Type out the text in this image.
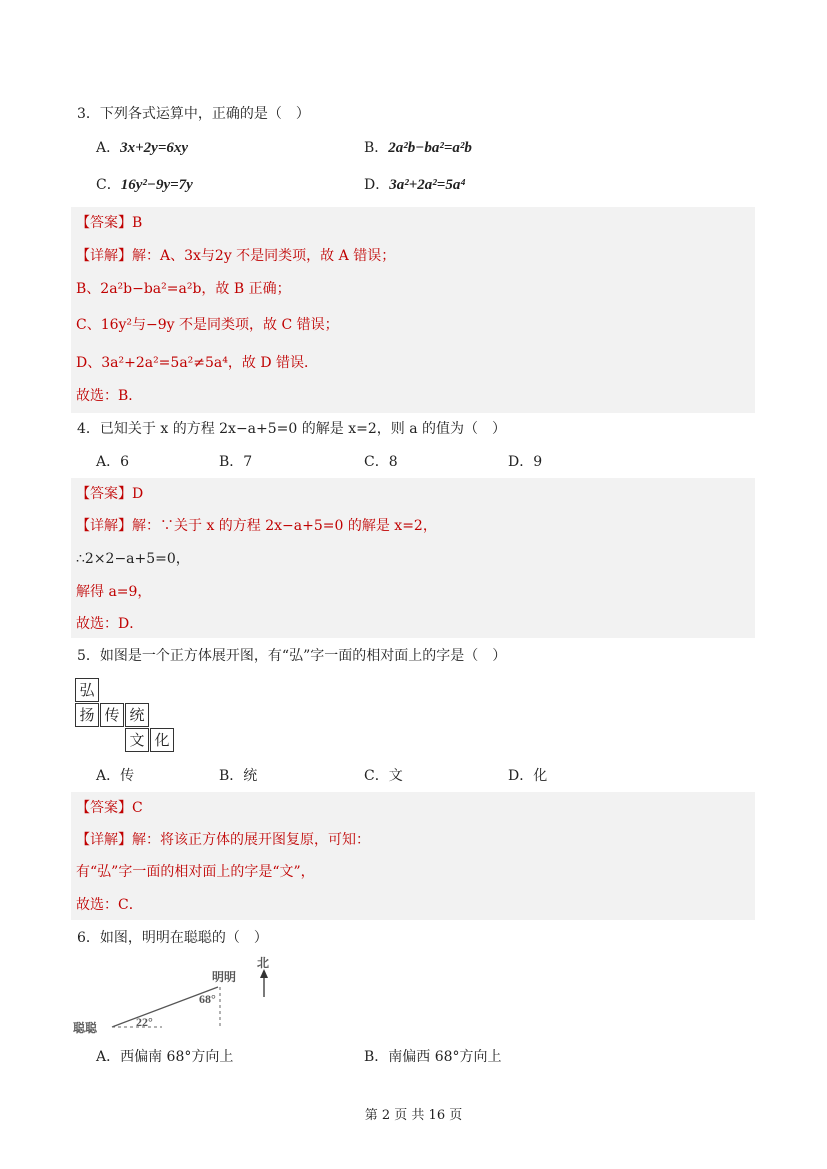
3．下列各式运算中，正确的是（　）
A．3x+2y=6xy	B．2a²b−ba²=a²b
C．16y²−9y=7y	D．3a²+2a²=5a⁴
【答案】B
【详解】解：A、3x与2y 不是同类项，故 A 错误；
B、2a²b−ba²=a²b，故 B 正确；
C、16y²与−9y 不是同类项，故 C 错误；
D、3a²+2a²=5a²≠5a⁴，故 D 错误．
故选：B．
4．已知关于 x 的方程 2x−a+5=0 的解是 x=2，则 a 的值为（　）
A．6	B．7	C．8	D．9
【答案】D
【详解】解：∵关于 x 的方程 2x−a+5=0 的解是 x=2，
∴2×2−a+5=0，
解得 a=9，
故选：D．
5．如图是一个正方体展开图，有“弘”字一面的相对面上的字是（　）
弘
扬 传 统
文 化
A．传	B．统	C．文	D．化
【答案】C
【详解】解：将该正方体的展开图复原，可知：
有“弘”字一面的相对面上的字是“文”，
故选：C．
6．如图，明明在聪聪的（　）
北
明明
聪聪
68°
22°
A．西偏南 68°方向上	B．南偏西 68°方向上
第 2 页 共 16 页
